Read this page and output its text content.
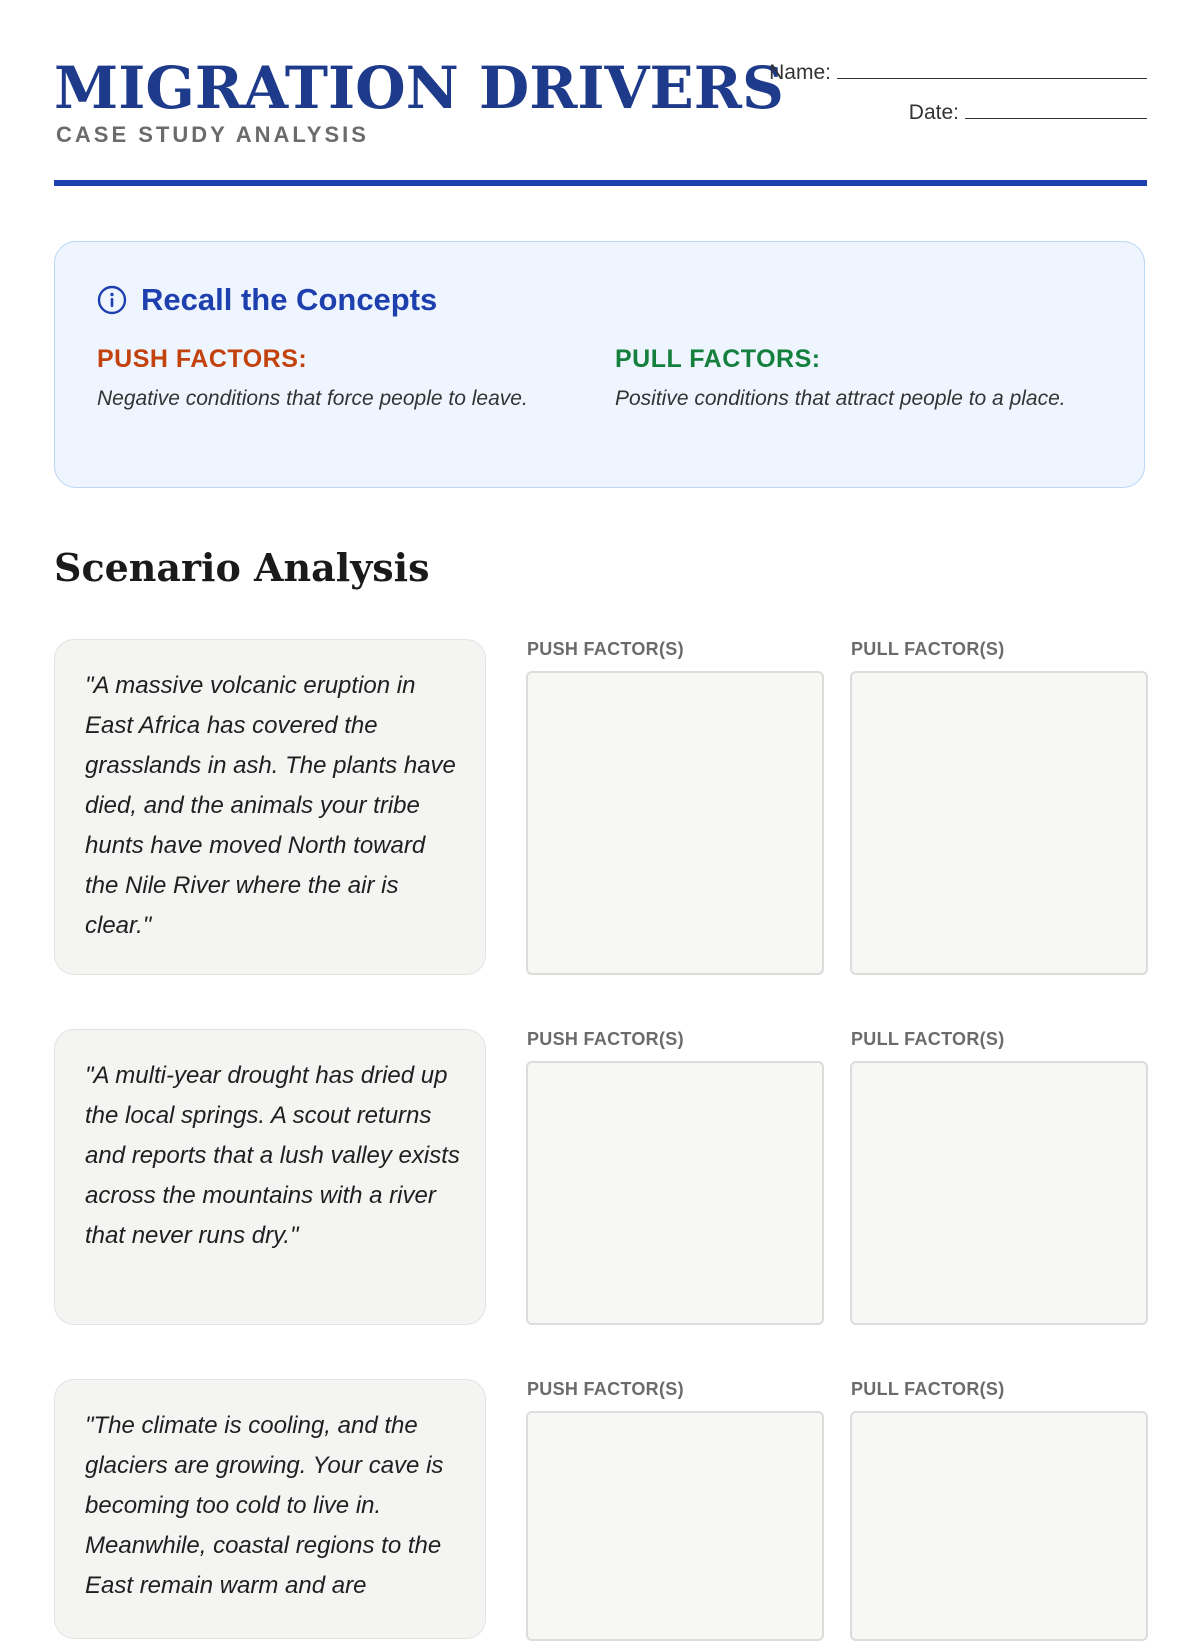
MIGRATION DRIVERS
CASE STUDY ANALYSIS
Name:
Date:
Recall the Concepts
PUSH FACTORS:
Negative conditions that force people to leave.
PULL FACTORS:
Positive conditions that attract people to a place.
Scenario Analysis
"A massive volcanic eruption in East Africa has covered the grasslands in ash. The plants have died, and the animals your tribe hunts have moved North toward the Nile River where the air is clear."
PUSH FACTOR(S)	PULL FACTOR(S)
"A multi-year drought has dried up the local springs. A scout returns and reports that a lush valley exists across the mountains with a river that never runs dry."
PUSH FACTOR(S)	PULL FACTOR(S)
"The climate is cooling, and the glaciers are growing. Your cave is becoming too cold to live in. Meanwhile, coastal regions to the East remain warm and are
PUSH FACTOR(S)	PULL FACTOR(S)
